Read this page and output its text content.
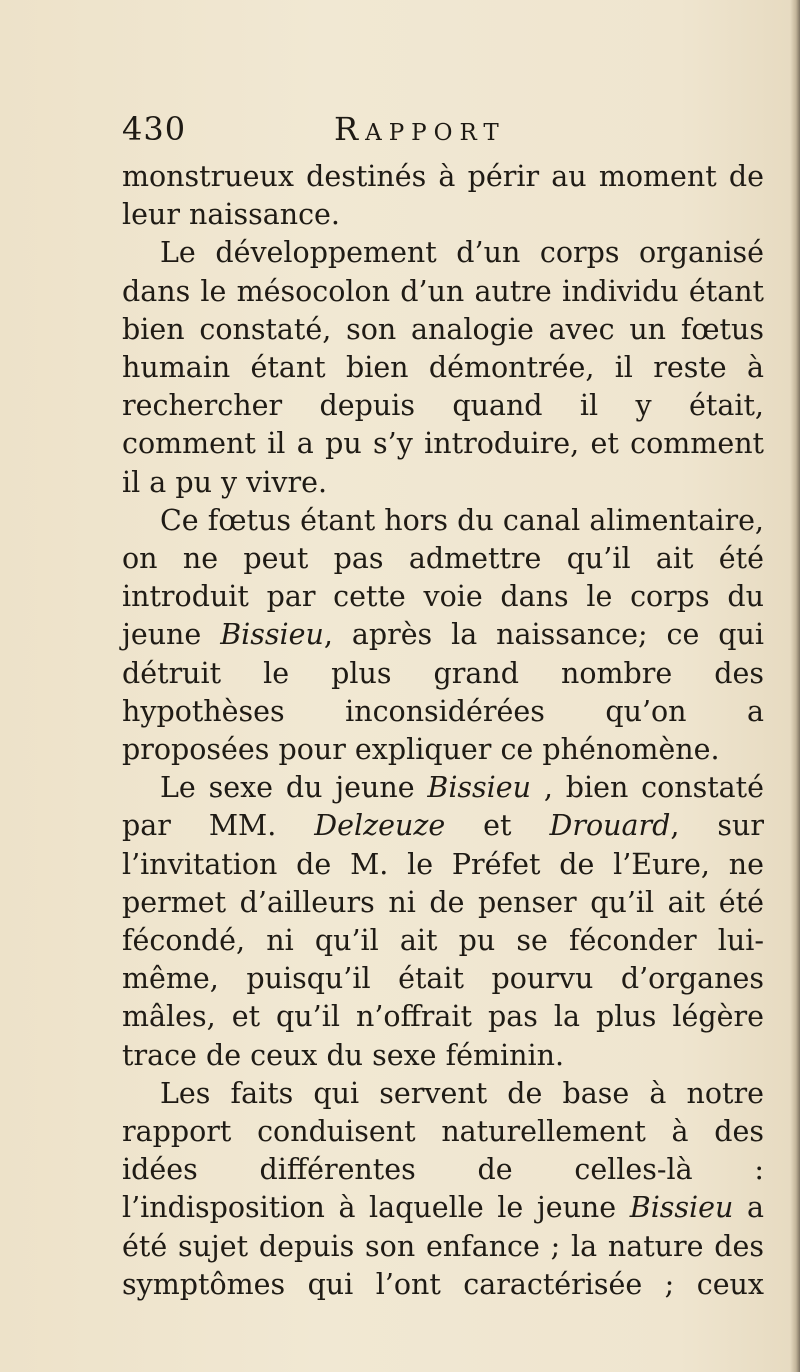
430	RAPPORT

monstrueux destinés à périr au moment de leur naissance.

Le développement d’un corps organisé dans le mésocolon d’un autre individu étant bien constaté, son analogie avec un fœtus humain étant bien démontrée, il reste à rechercher depuis quand il y était, comment il a pu s’y introduire, et comment il a pu y vivre.

Ce fœtus étant hors du canal alimentaire, on ne peut pas admettre qu’il ait été introduit par cette voie dans le corps du jeune Bissieu, après la naissance; ce qui détruit le plus grand nombre des hypothèses inconsidérées qu’on a proposées pour expliquer ce phénomène.

Le sexe du jeune Bissieu , bien constaté par MM. Delzeuze et Drouard, sur l’invitation de M. le Préfet de l’Eure, ne permet d’ailleurs ni de penser qu’il ait été fécondé, ni qu’il ait pu se féconder lui-même, puisqu’il était pourvu d’organes mâles, et qu’il n’offrait pas la plus légère trace de ceux du sexe féminin.

Les faits qui servent de base à notre rapport conduisent naturellement à des idées différentes de celles-là : l’indisposition à laquelle le jeune Bissieu a été sujet depuis son enfance ; la nature des symptômes qui l’ont caractérisée ; ceux
